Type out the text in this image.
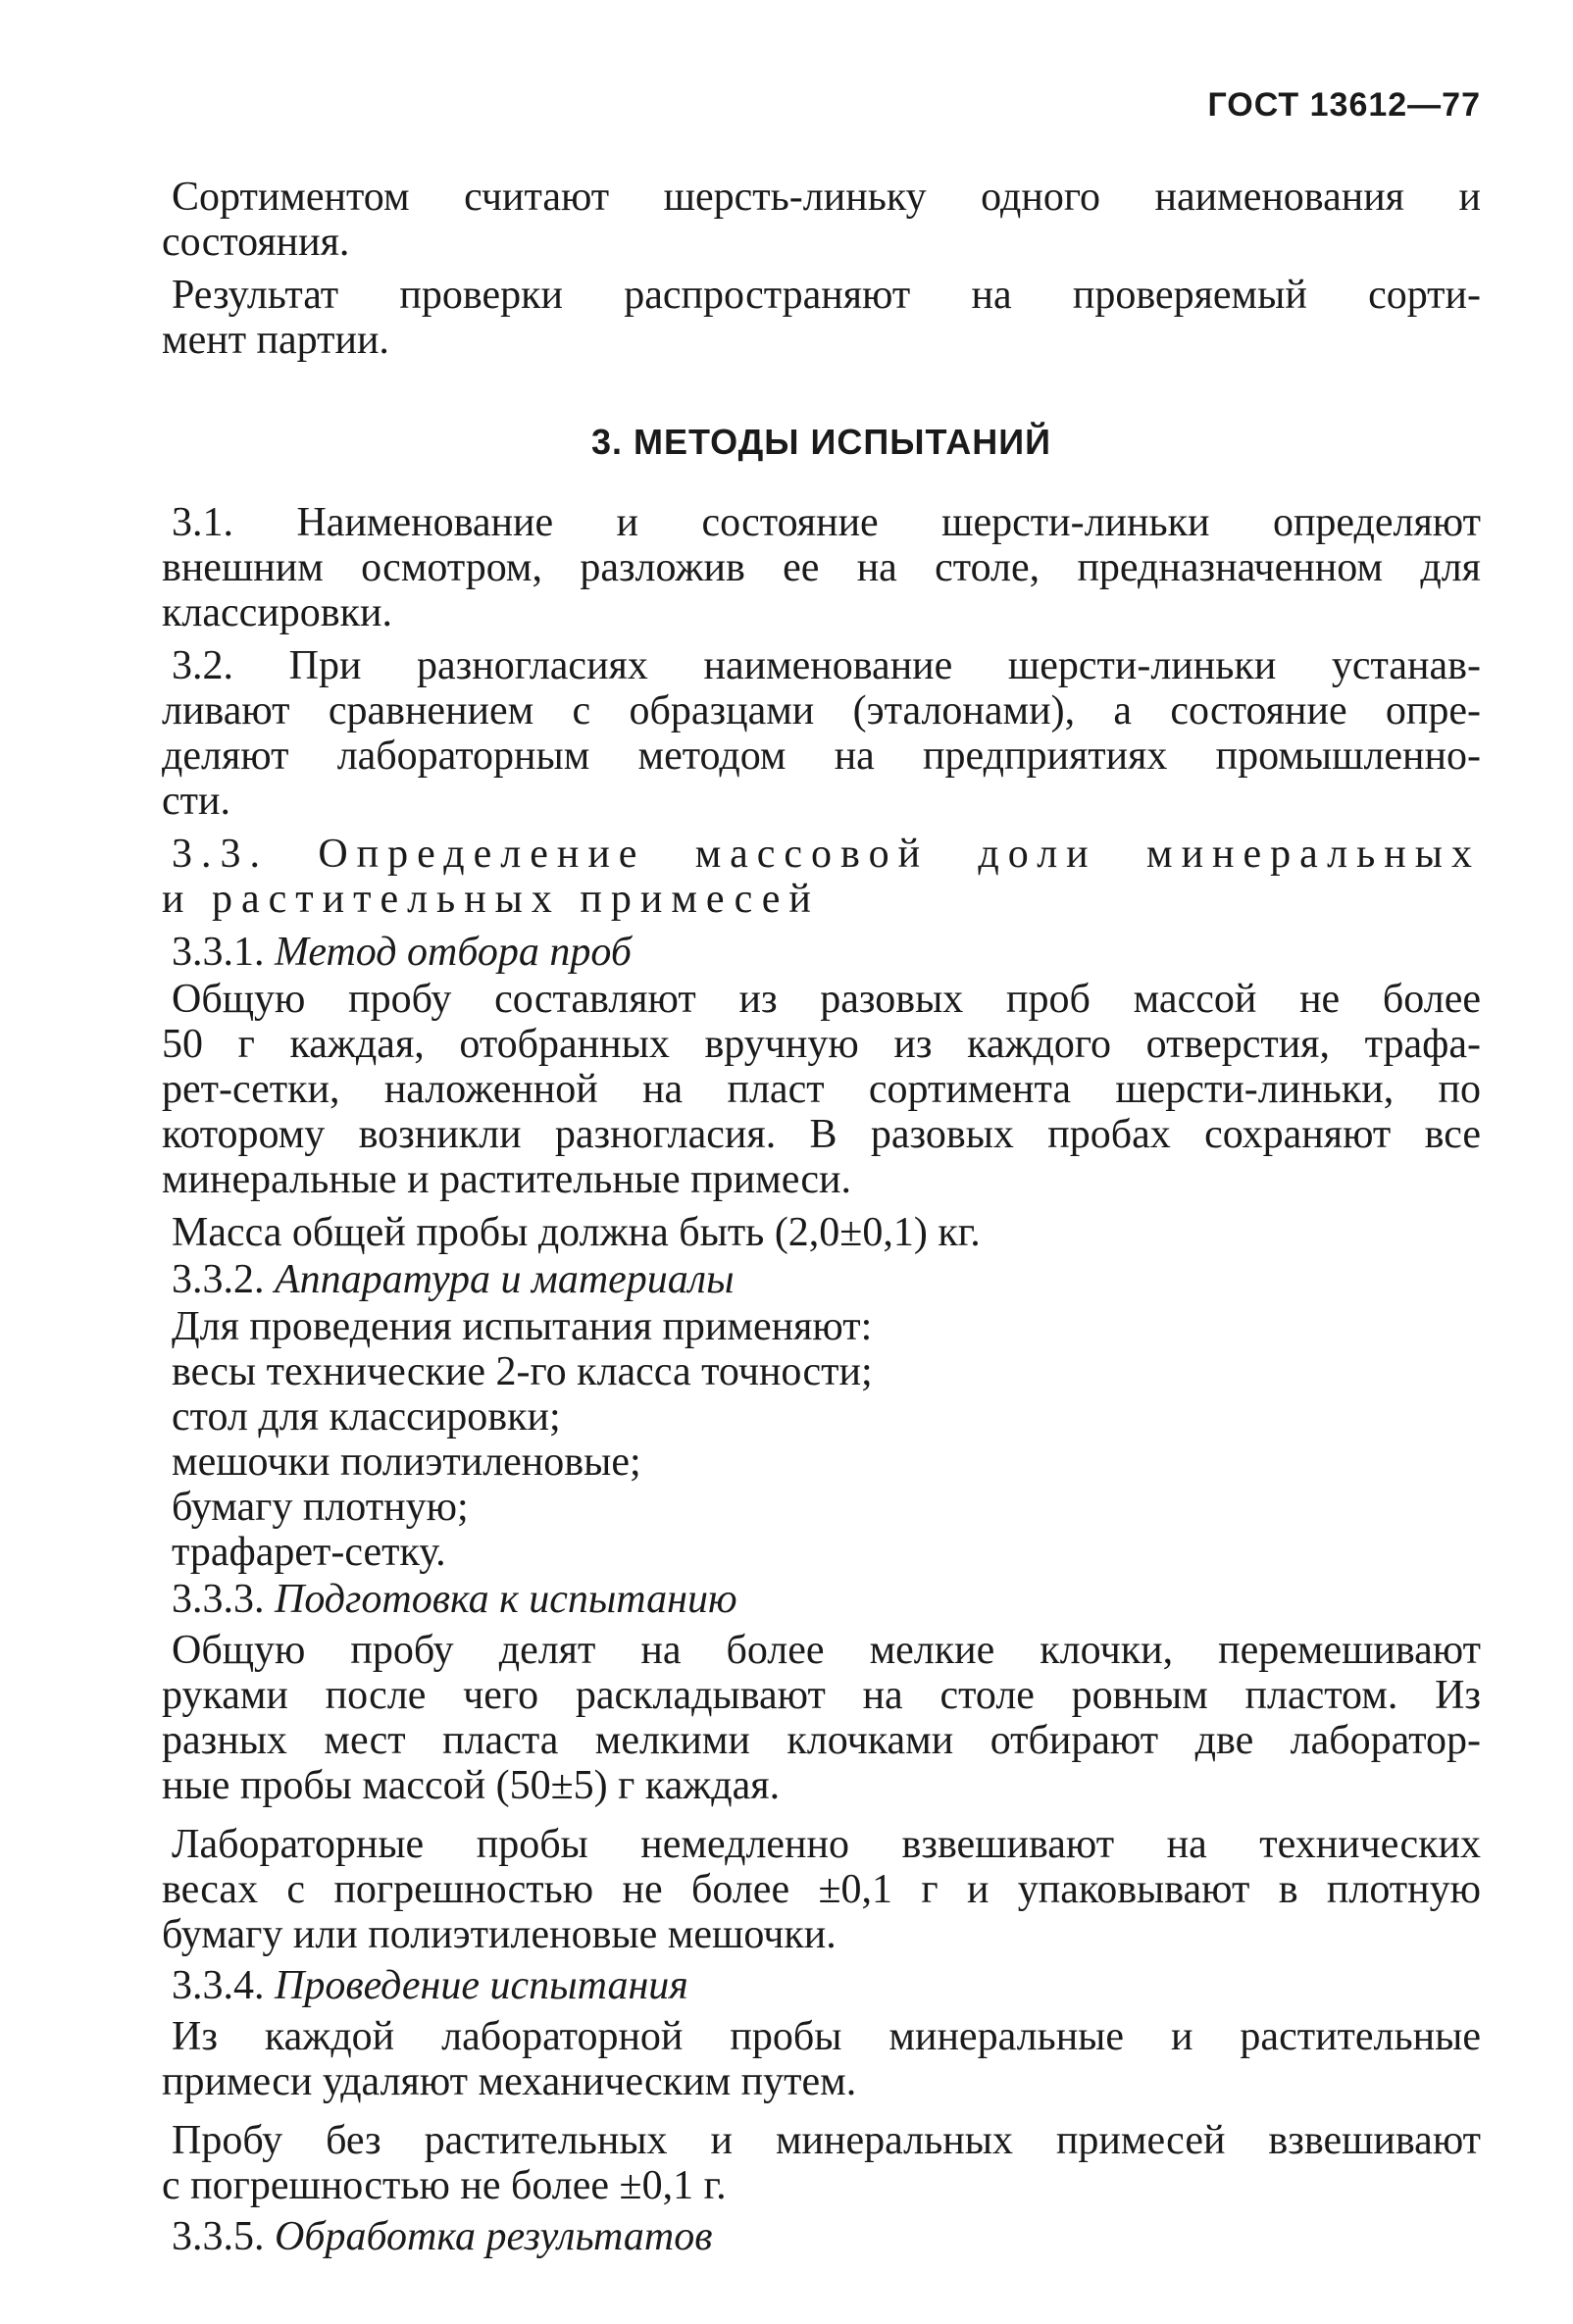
ГОСТ 13612—77
Сортиментом считают шерсть-линьку одного наименования и
состояния.
Результат проверки распространяют на проверяемый сорти-
мент партии.
3. МЕТОДЫ ИСПЫТАНИЙ
3.1. Наименование и состояние шерсти-линьки определяют
внешним осмотром, разложив ее на столе, предназначенном для
классировки.
3.2. При разногласиях наименование шерсти-линьки устанав-
ливают сравнением с образцами (эталонами), а состояние опре-
деляют лабораторным методом на предприятиях промышленно-
сти.
3.3. Определение массовой доли минеральных
и растительных примесей
3.3.1. Метод отбора проб
Общую пробу составляют из разовых проб массой не более
50 г каждая, отобранных вручную из каждого отверстия, трафа-
рет-сетки, наложенной на пласт сортимента шерсти-линьки, по
которому возникли разногласия. В разовых пробах сохраняют все
минеральные и растительные примеси.
Масса общей пробы должна быть (2,0±0,1) кг.
3.3.2. Аппаратура и материалы
Для проведения испытания применяют:
весы технические 2-го класса точности;
стол для классировки;
мешочки полиэтиленовые;
бумагу плотную;
трафарет-сетку.
3.3.3. Подготовка к испытанию
Общую пробу делят на более мелкие клочки, перемешивают
руками после чего раскладывают на столе ровным пластом. Из
разных мест пласта мелкими клочками отбирают две лаборатор-
ные пробы массой (50±5) г каждая.
Лабораторные пробы немедленно взвешивают на технических
весах с погрешностью не более ±0,1 г и упаковывают в плотную
бумагу или полиэтиленовые мешочки.
3.3.4. Проведение испытания
Из каждой лабораторной пробы минеральные и растительные
примеси удаляют механическим путем.
Пробу без растительных и минеральных примесей взвешивают
с погрешностью не более ±0,1 г.
3.3.5. Обработка результатов
